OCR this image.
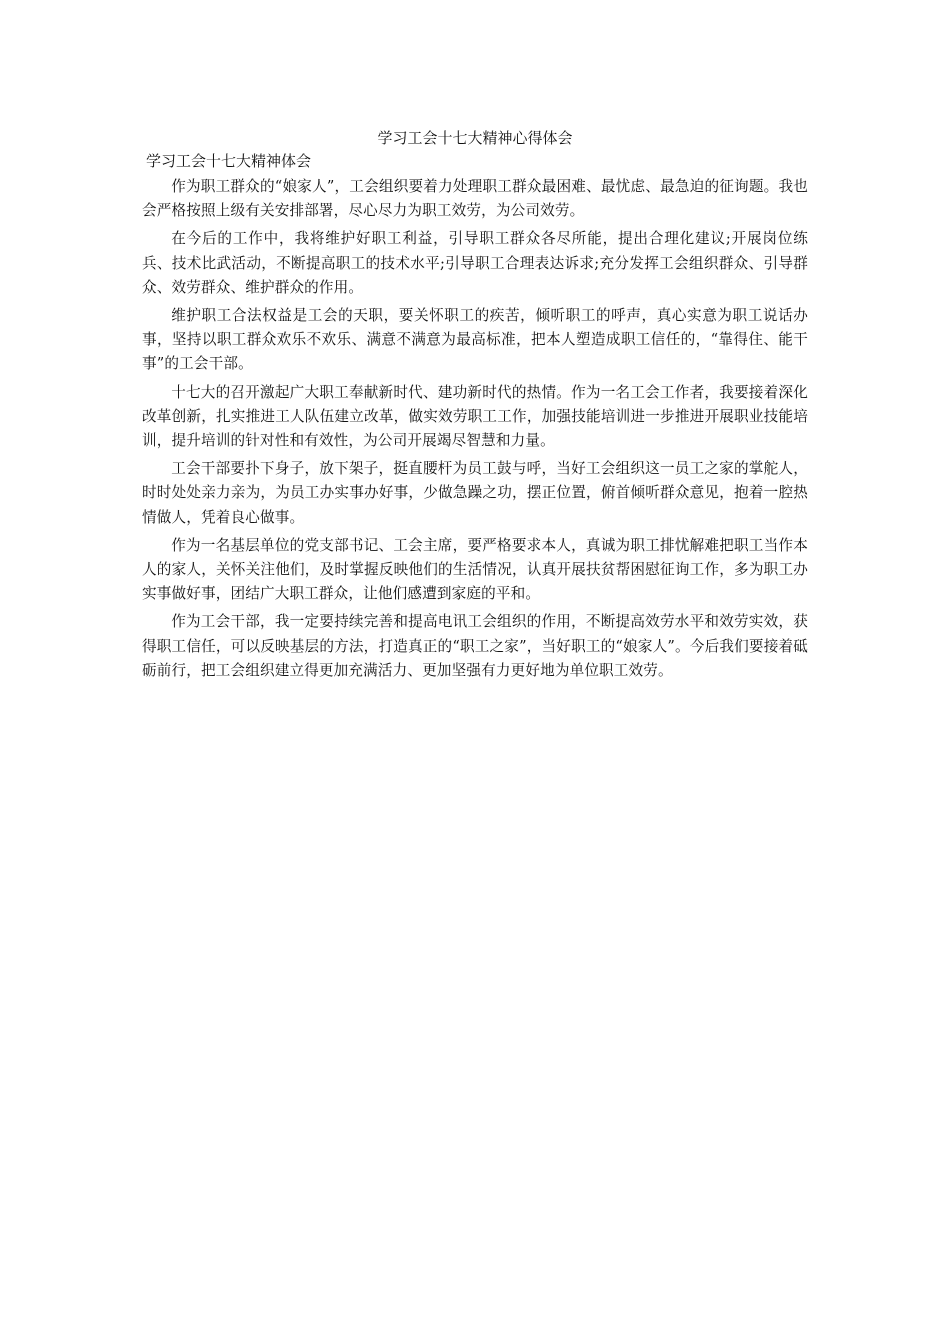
学习工会十七大精神心得体会
学习工会十七大精神体会

作为职工群众的“娘家人”，工会组织要着力处理职工群众最困难、最忧虑、最急迫的征询题。我也会严格按照上级有关安排部署，尽心尽力为职工效劳，为公司效劳。

在今后的工作中，我将维护好职工利益，引导职工群众各尽所能，提出合理化建议;开展岗位练兵、技术比武活动，不断提高职工的技术水平;引导职工合理表达诉求;充分发挥工会组织群众、引导群众、效劳群众、维护群众的作用。

维护职工合法权益是工会的天职，要关怀职工的疾苦，倾听职工的呼声，真心实意为职工说话办事，坚持以职工群众欢乐不欢乐、满意不满意为最高标准，把本人塑造成职工信任的，“靠得住、能干事”的工会干部。

十七大的召开激起广大职工奉献新时代、建功新时代的热情。作为一名工会工作者，我要接着深化改革创新，扎实推进工人队伍建立改革，做实效劳职工工作，加强技能培训进一步推进开展职业技能培训，提升培训的针对性和有效性，为公司开展竭尽智慧和力量。

工会干部要扑下身子，放下架子，挺直腰杆为员工鼓与呼，当好工会组织这一员工之家的掌舵人，时时处处亲力亲为，为员工办实事办好事，少做急躁之功，摆正位置，俯首倾听群众意见，抱着一腔热情做人，凭着良心做事。

作为一名基层单位的党支部书记、工会主席，要严格要求本人，真诚为职工排忧解难把职工当作本人的家人，关怀关注他们，及时掌握反映他们的生活情况，认真开展扶贫帮困慰征询工作，多为职工办实事做好事，团结广大职工群众，让他们感遭到家庭的平和。

作为工会干部，我一定要持续完善和提高电讯工会组织的作用，不断提高效劳水平和效劳实效，获得职工信任，可以反映基层的方法，打造真正的“职工之家”，当好职工的“娘家人”。今后我们要接着砥砺前行，把工会组织建立得更加充满活力、更加坚强有力更好地为单位职工效劳。
